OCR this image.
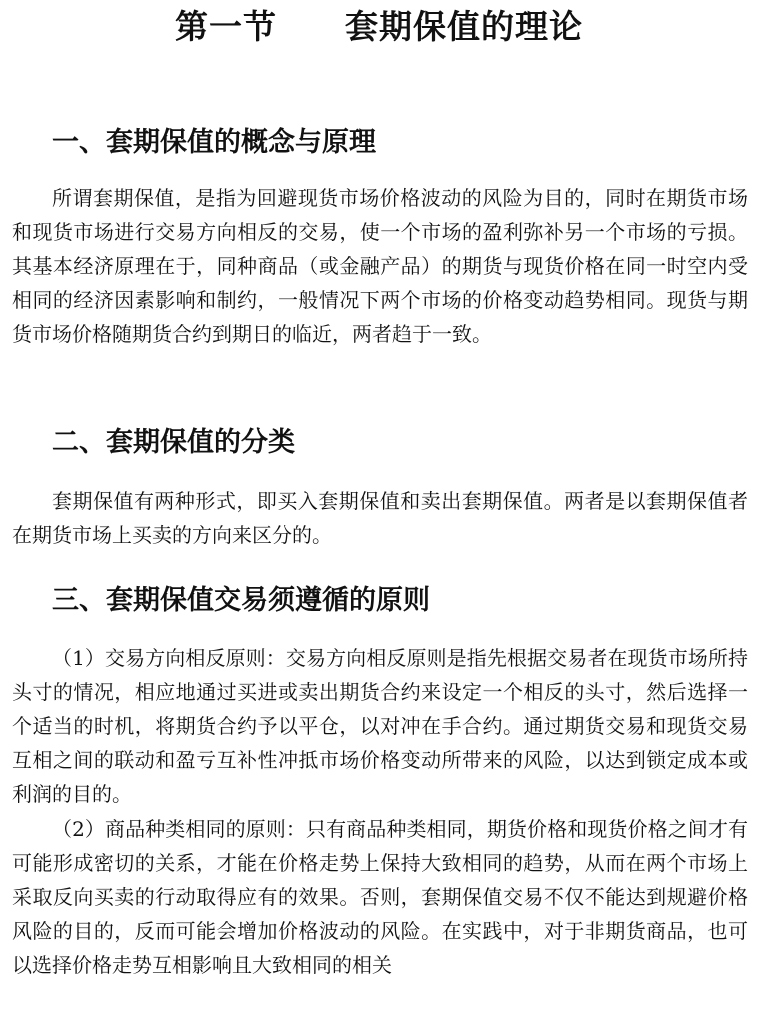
第一节　　套期保值的理论
一、套期保值的概念与原理

所谓套期保值，是指为回避现货市场价格波动的风险为目的，同时在期货市场和现货市场进行交易方向相反的交易，使一个市场的盈利弥补另一个市场的亏损。其基本经济原理在于，同种商品（或金融产品）的期货与现货价格在同一时空内受相同的经济因素影响和制约，一般情况下两个市场的价格变动趋势相同。现货与期货市场价格随期货合约到期日的临近，两者趋于一致。

二、套期保值的分类

套期保值有两种形式，即买入套期保值和卖出套期保值。两者是以套期保值者在期货市场上买卖的方向来区分的。

三、套期保值交易须遵循的原则

（1）交易方向相反原则：交易方向相反原则是指先根据交易者在现货市场所持头寸的情况，相应地通过买进或卖出期货合约来设定一个相反的头寸，然后选择一个适当的时机，将期货合约予以平仓，以对冲在手合约。通过期货交易和现货交易互相之间的联动和盈亏互补性冲抵市场价格变动所带来的风险，以达到锁定成本或利润的目的。

（2）商品种类相同的原则：只有商品种类相同，期货价格和现货价格之间才有可能形成密切的关系，才能在价格走势上保持大致相同的趋势，从而在两个市场上采取反向买卖的行动取得应有的效果。否则，套期保值交易不仅不能达到规避价格风险的目的，反而可能会增加价格波动的风险。在实践中，对于非期货商品，也可以选择价格走势互相影响且大致相同的相关
